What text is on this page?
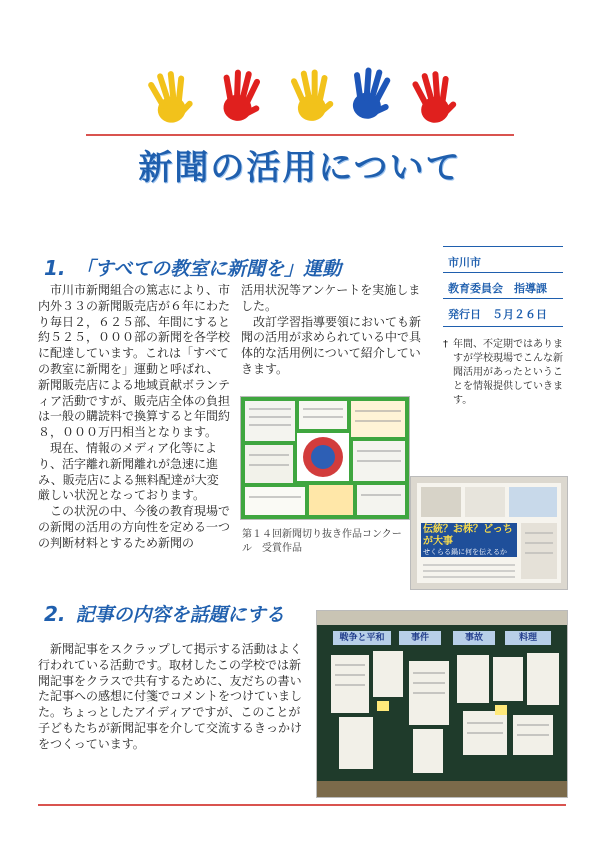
新聞の活用について
1. 「すべての教室に新聞を」運動

　市川市新聞組合の篤志により、市内外３３の新聞販売店が６年にわたり毎日２，６２５部、年間にすると約５２５，０００部の新聞を各学校に配達しています。これは「すべての教室に新聞を」運動と呼ばれ、新聞販売店による地域貢献ボランティア活動ですが、販売店全体の負担は一般の購読料で換算すると年間約８，０００万円相当となります。

　現在、情報のメディア化等により、活字離れ新聞離れが急速に進み、販売店による無料配達が大変厳しい状況となっております。

　この状況の中、今後の教育現場での新聞の活用の方向性を定める一つの判断材料とするため新聞の

活用状況等アンケートを実施しました。

　改訂学習指導要領においても新聞の活用が求められている中で具体的な活用例について紹介していきます。

市川市
教育委員会　指導課
発行日　５月２６日
† 年間、不定期ではありますが学校現場でこんな新聞活用があったということを情報提供していきます。
第１４回新聞切り抜き作品コンクール　受賞作品
伝統？お株？どっちが大事
せくらる鍋に何を伝えるか
2. 記事の内容を話題にする

　新聞記事をスクラップして掲示する活動はよく行われている活動です。取材したこの学校では新聞記事をクラスで共有するために、友だちの書いた記事への感想に付箋でコメントをつけていました。ちょっとしたアイディアですが、このことが子どもたちが新聞記事を介して交流するきっかけをつくっています。

戦争と平和	事件	事故	料理
